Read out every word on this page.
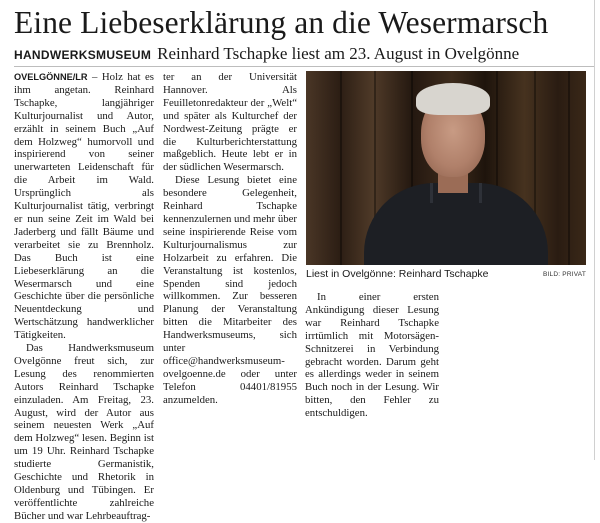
Eine Liebeserklärung an die Wesermarsch
HANDWERKSMUSEUM Reinhard Tschapke liest am 23. August in Ovelgönne

OVELGÖNNE/LR – Holz hat es ihm angetan. Reinhard Tschapke, langjähriger Kulturjournalist und Autor, erzählt in seinem Buch „Auf dem Holzweg“ humorvoll und inspirierend von seiner unerwarteten Leidenschaft für die Arbeit im Wald. Ursprünglich als Kulturjournalist tätig, verbringt er nun seine Zeit im Wald bei Jaderberg und fällt Bäume und verarbeitet sie zu Brennholz. Das Buch ist eine Liebeserklärung an die Wesermarsch und eine Geschichte über die persönliche Neuentdeckung und Wertschätzung handwerklicher Tätigkeiten.

Das Handwerksmuseum Ovelgönne freut sich, zur Lesung des renommierten Autors Reinhard Tschapke einzuladen. Am Freitag, 23. August, wird der Autor aus seinem neuesten Werk „Auf dem Holzweg“ lesen. Beginn ist um 19 Uhr. Reinhard Tschapke studierte Germanistik, Geschichte und Rhetorik in Oldenburg und Tübingen. Er veröffentlichte zahlreiche Bücher und war Lehrbeauftrag-

ter an der Universität Hannover. Als Feuilletonredakteur der „Welt“ und später als Kulturchef der Nordwest-Zeitung prägte er die Kulturberichterstattung maßgeblich. Heute lebt er in der südlichen Wesermarsch.

Diese Lesung bietet eine besondere Gelegenheit, Reinhard Tschapke kennenzulernen und mehr über seine inspirierende Reise vom Kulturjournalismus zur Holzarbeit zu erfahren. Die Veranstaltung ist kostenlos, Spenden sind jedoch willkommen. Zur besseren Planung der Veranstaltung bitten die Mitarbeiter des Handwerksmuseums, sich unter office@handwerksmuseum-ovelgoenne.de oder unter Telefon 04401/81955 anzumelden.

In einer ersten Ankündigung dieser Lesung war Reinhard Tschapke irrtümlich mit Motorsägen-Schnitzerei in Verbindung gebracht worden. Darum geht es allerdings weder in seinem Buch noch in der Lesung. Wir bitten, den Fehler zu entschuldigen.

Liest in Ovelgönne: Reinhard Tschapke	BILD: PRIVAT
